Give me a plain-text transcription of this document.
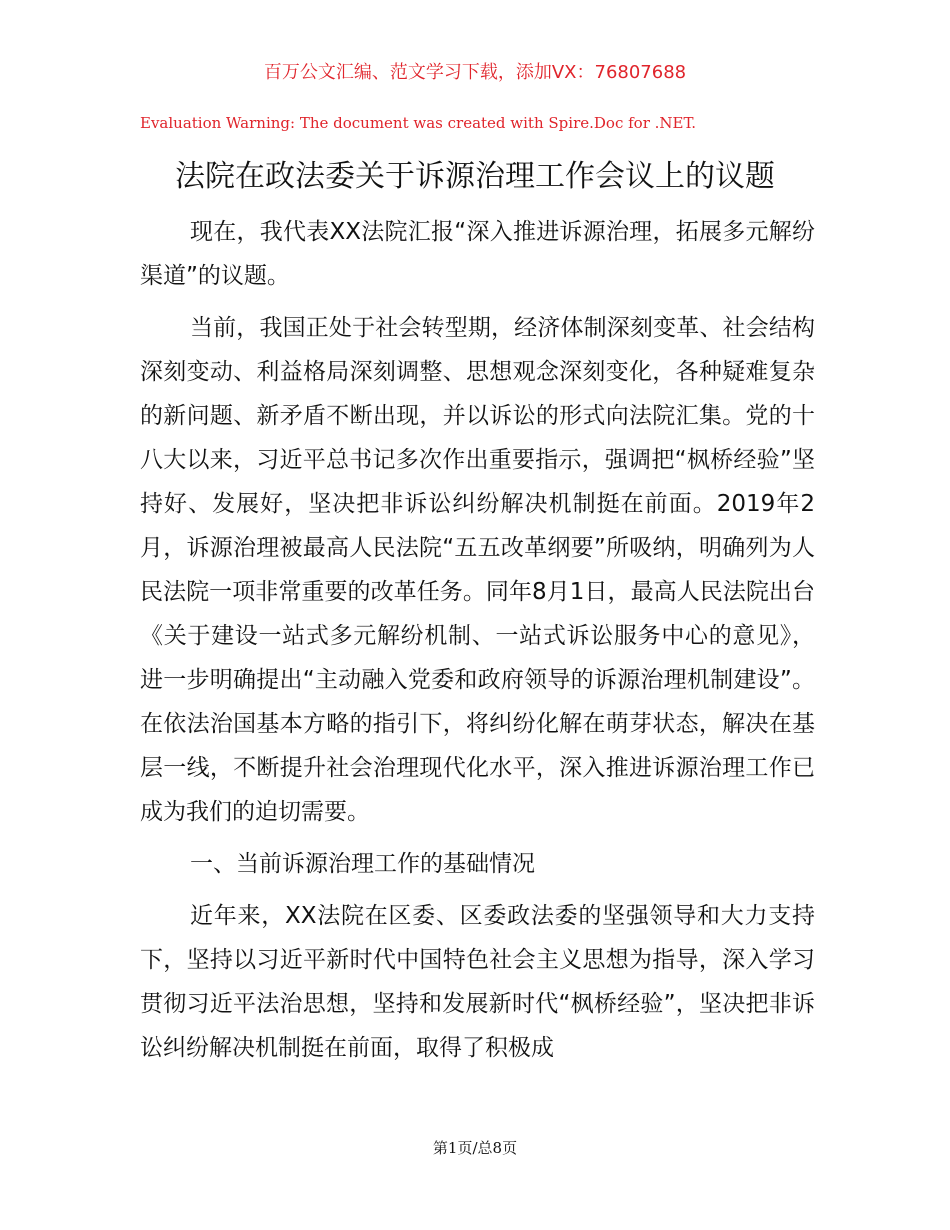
百万公文汇编、范文学习下载，添加VX：76807688
Evaluation Warning: The document was created with Spire.Doc for .NET.
法院在政法委关于诉源治理工作会议上的议题

现在，我代表XX法院汇报“深入推进诉源治理，拓展多元解纷渠道”的议题。

当前，我国正处于社会转型期，经济体制深刻变革、社会结构深刻变动、利益格局深刻调整、思想观念深刻变化，各种疑难复杂的新问题、新矛盾不断出现，并以诉讼的形式向法院汇集。党的十八大以来，习近平总书记多次作出重要指示，强调把“枫桥经验”坚持好、发展好，坚决把非诉讼纠纷解决机制挺在前面。2019年2月，诉源治理被最高人民法院“五五改革纲要”所吸纳，明确列为人民法院一项非常重要的改革任务。同年8月1日，最高人民法院出台《关于建设一站式多元解纷机制、一站式诉讼服务中心的意见》，进一步明确提出“主动融入党委和政府领导的诉源治理机制建设”。在依法治国基本方略的指引下，将纠纷化解在萌芽状态，解决在基层一线，不断提升社会治理现代化水平，深入推进诉源治理工作已成为我们的迫切需要。

一、当前诉源治理工作的基础情况

近年来，XX法院在区委、区委政法委的坚强领导和大力支持下，坚持以习近平新时代中国特色社会主义思想为指导，深入学习贯彻习近平法治思想，坚持和发展新时代“枫桥经验”，坚决把非诉讼纠纷解决机制挺在前面，取得了积极成

第1页/总8页
